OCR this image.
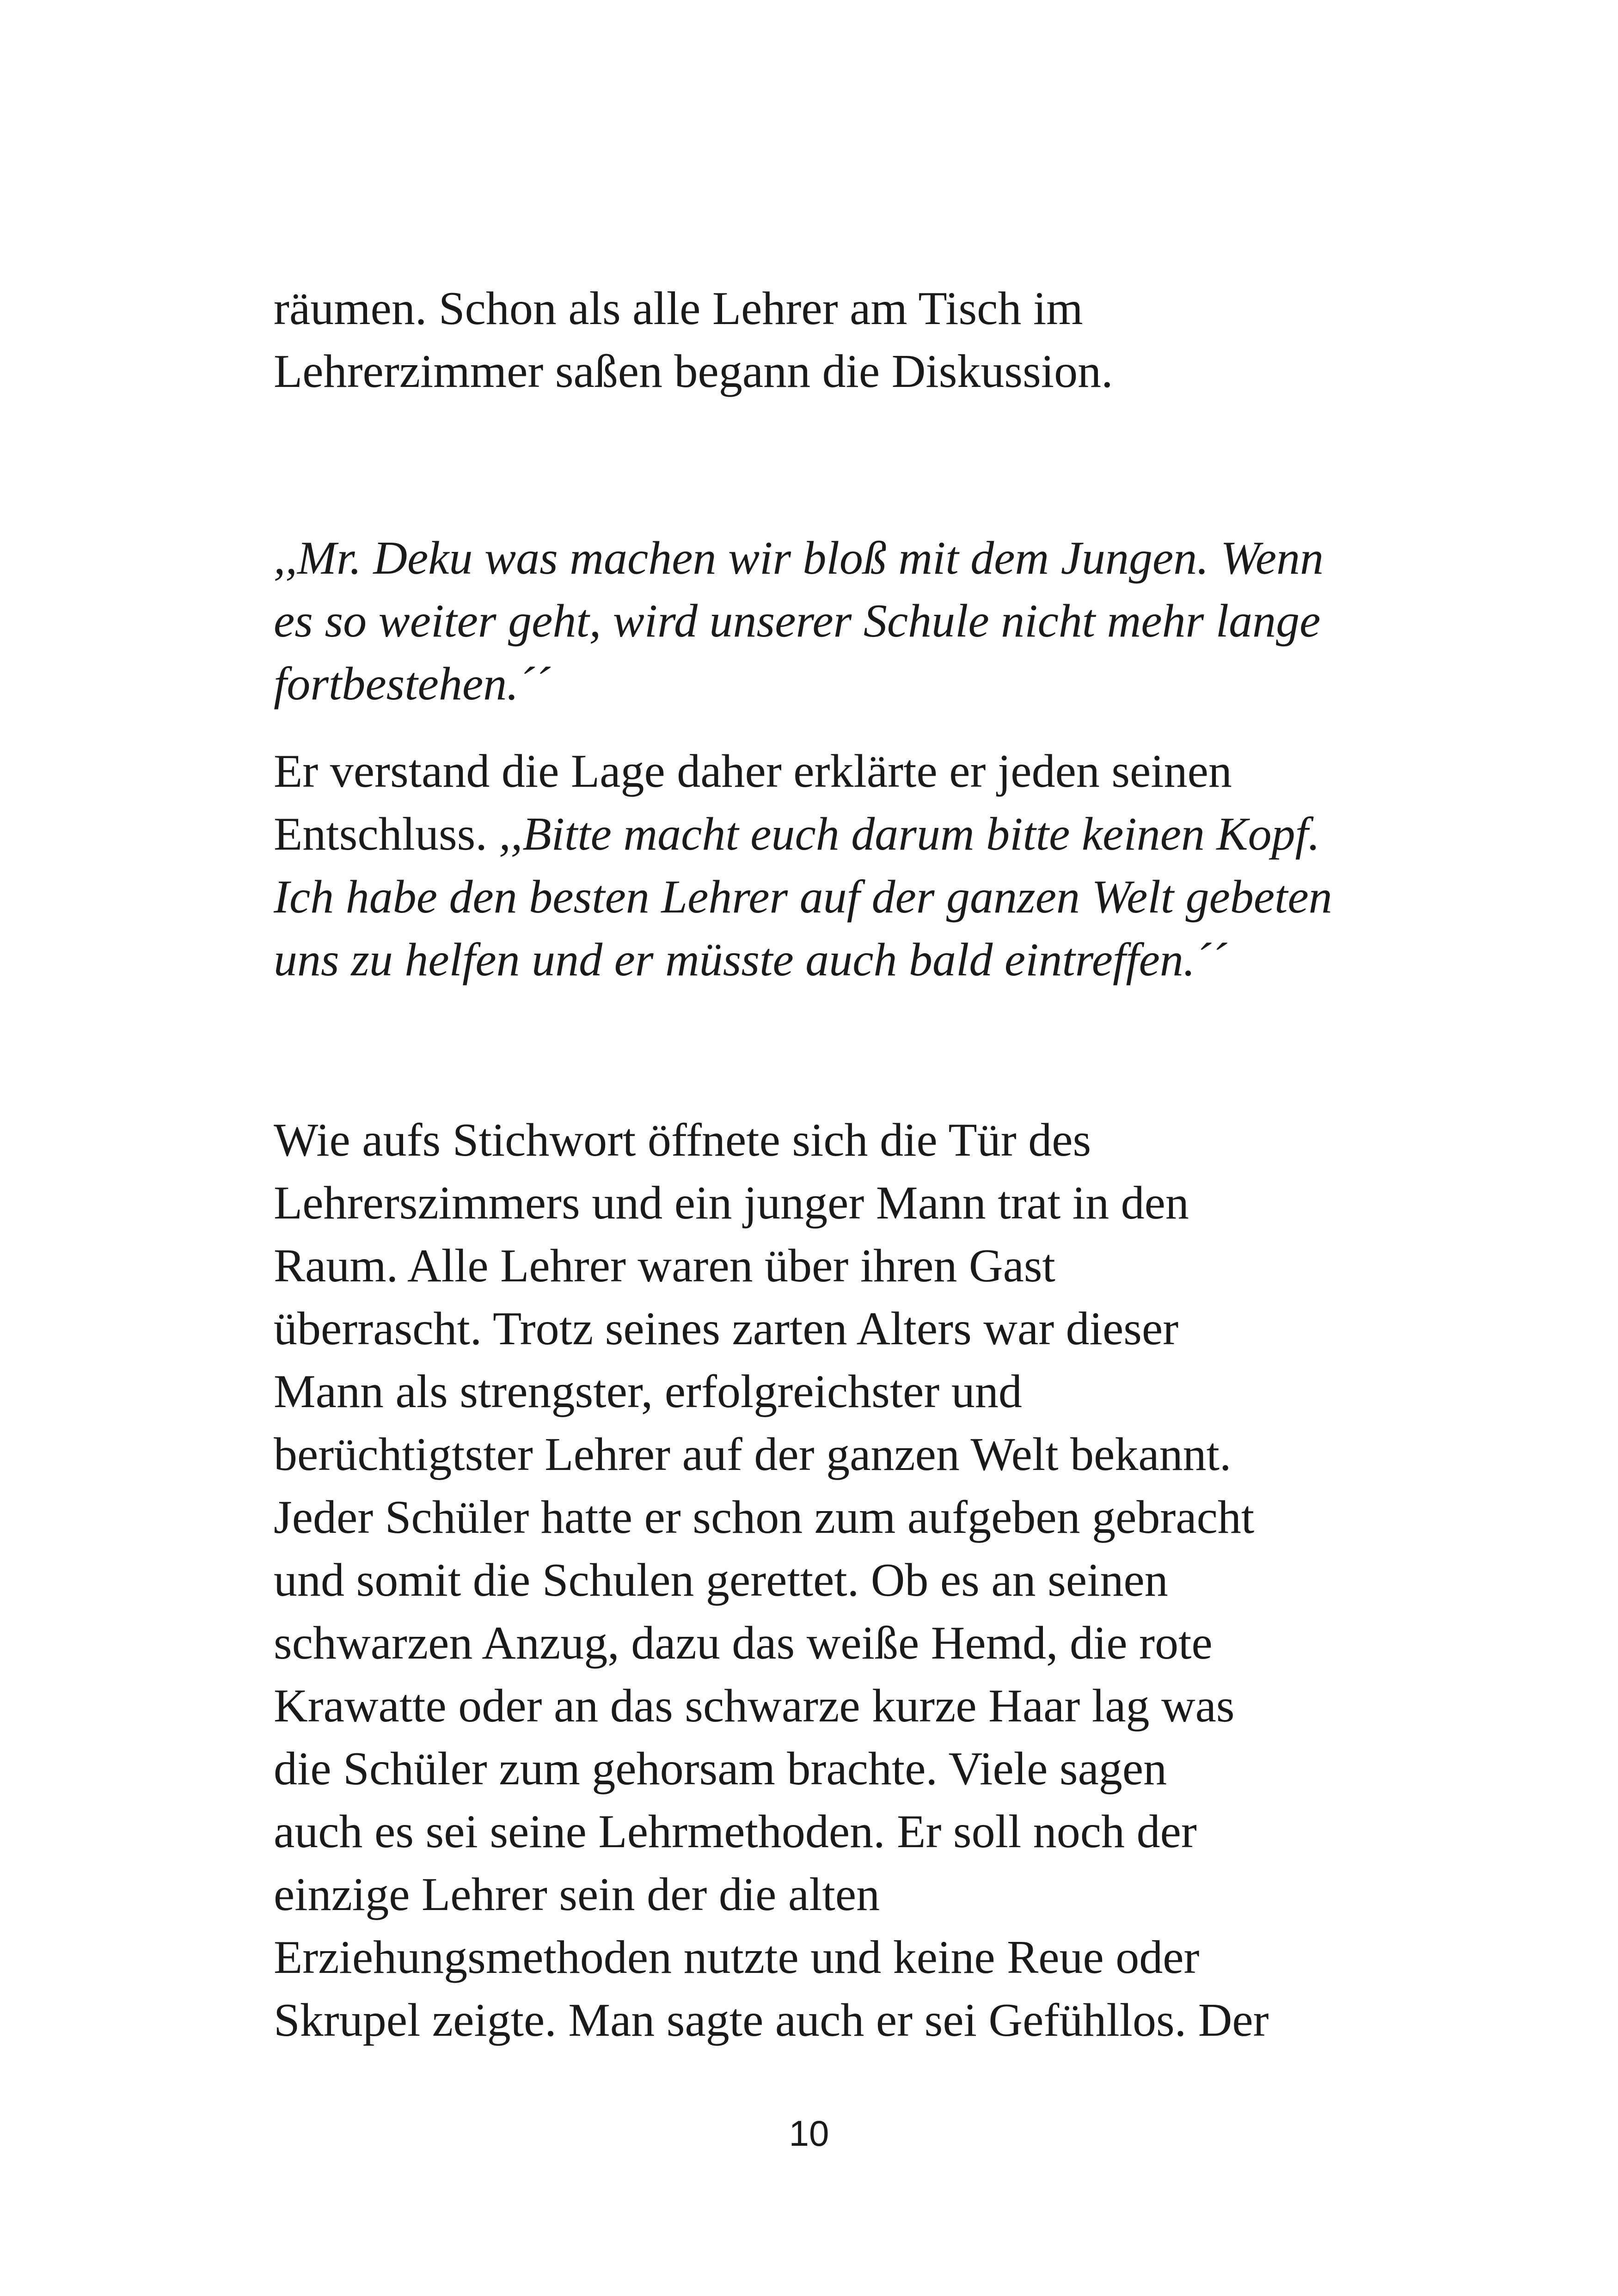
räumen. Schon als alle Lehrer am Tisch im
Lehrerzimmer saßen begann die Diskussion.

,,Mr. Deku was machen wir bloß mit dem Jungen. Wenn
es so weiter geht, wird unserer Schule nicht mehr lange
fortbestehen.´´

Er verstand die Lage daher erklärte er jeden seinen
Entschluss. ,,Bitte macht euch darum bitte keinen Kopf.
Ich habe den besten Lehrer auf der ganzen Welt gebeten
uns zu helfen und er müsste auch bald eintreffen.´´

Wie aufs Stichwort öffnete sich die Tür des
Lehrerszimmers und ein junger Mann trat in den
Raum. Alle Lehrer waren über ihren Gast
überrascht. Trotz seines zarten Alters war dieser
Mann als strengster, erfolgreichster und
berüchtigtster Lehrer auf der ganzen Welt bekannt.
Jeder Schüler hatte er schon zum aufgeben gebracht
und somit die Schulen gerettet. Ob es an seinen
schwarzen Anzug, dazu das weiße Hemd, die rote
Krawatte oder an das schwarze kurze Haar lag was
die Schüler zum gehorsam brachte. Viele sagen
auch es sei seine Lehrmethoden. Er soll noch der
einzige Lehrer sein der die alten
Erziehungsmethoden nutzte und keine Reue oder
Skrupel zeigte. Man sagte auch er sei Gefühllos. Der

10
